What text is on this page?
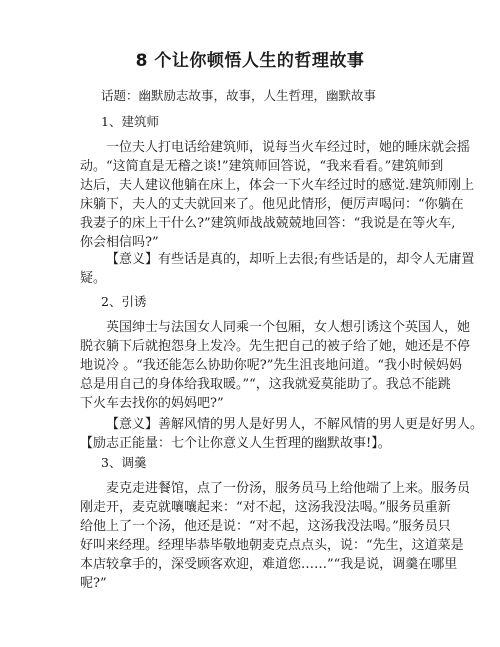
8 个让你顿悟人生的哲理故事
话题：幽默励志故事，故事，人生哲理，幽默故事
1、建筑师
一位夫人打电话给建筑师，说每当火车经过时，她的睡床就会摇
动。“这简直是无稽之谈!”建筑师回答说，“我来看看。”建筑师到
达后，夫人建议他躺在床上，体会一下火车经过时的感觉.建筑师刚上
床躺下，夫人的丈夫就回来了。他见此情形，便厉声喝问：“你躺在
我妻子的床上干什么?”建筑师战战兢兢地回答：“我说是在等火车,
你会相信吗?”
【意义】有些话是真的，却听上去很;有些话是的，却令人无庸置
疑。
2、引诱
英国绅士与法国女人同乘一个包厢，女人想引诱这个英国人，她
脱衣躺下后就抱怨身上发冷。先生把自己的被子给了她，她还是不停
地说冷 。“我还能怎么协助你呢?”先生沮丧地问道。“我小时候妈妈
总是用自己的身体给我取暖。”“，这我就爱莫能助了。我总不能跳
下火车去找你的妈妈吧?”
【意义】善解风情的男人是好男人，不解风情的男人更是好男人。
【励志正能量：七个让你意义人生哲理的幽默故事!】。
3、调羹
麦克走进餐馆，点了一份汤，服务员马上给他端了上来。服务员
刚走开，麦克就嚷嚷起来：“对不起，这汤我没法喝。”服务员重新
给他上了一个汤，他还是说：“对不起，这汤我没法喝。”服务员只
好叫来经理。经理毕恭毕敬地朝麦克点点头，说：“先生，这道菜是
本店较拿手的，深受顾客欢迎，难道您……”“我是说，调羹在哪里
呢?”
